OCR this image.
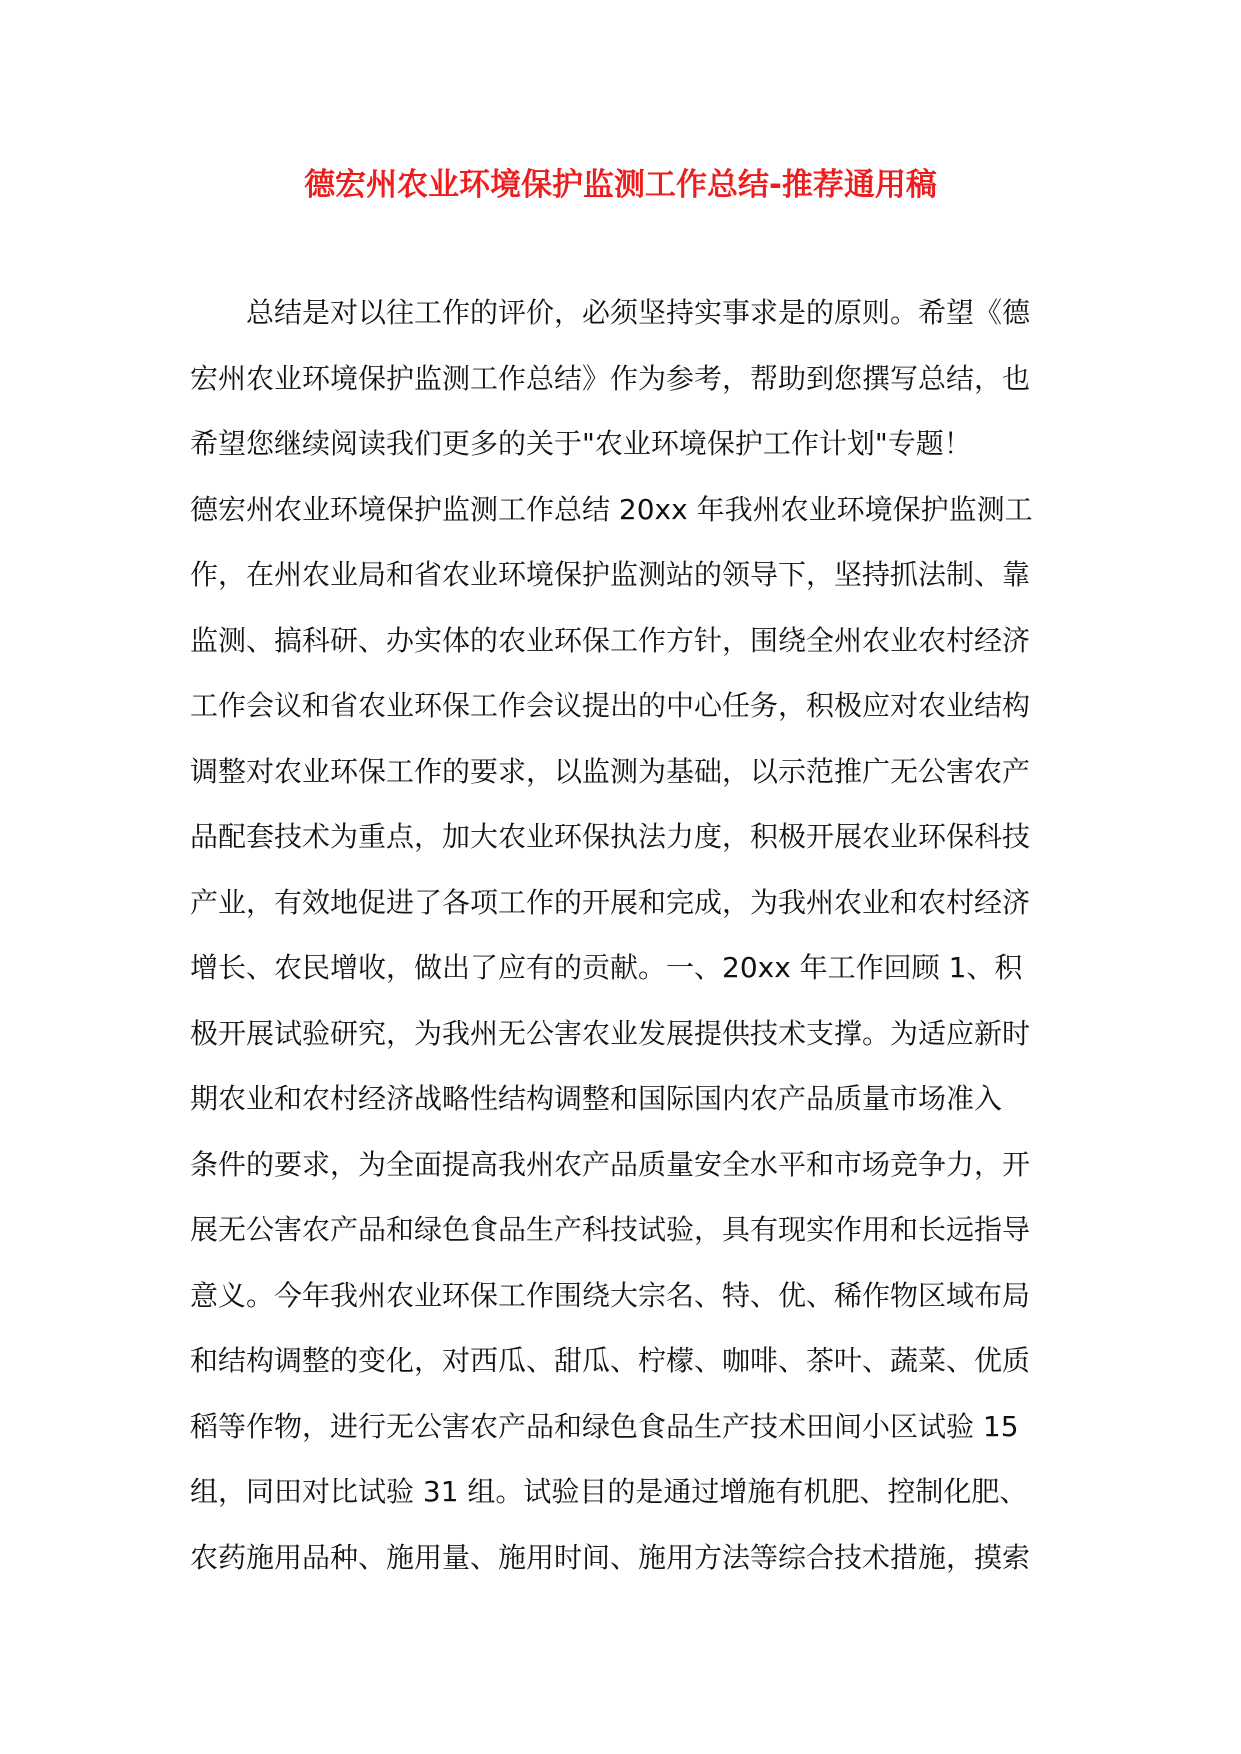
德宏州农业环境保护监测工作总结-推荐通用稿
总结是对以往工作的评价，必须坚持实事求是的原则。希望《德
宏州农业环境保护监测工作总结》作为参考，帮助到您撰写总结，也
希望您继续阅读我们更多的关于"农业环境保护工作计划"专题！
德宏州农业环境保护监测工作总结 20xx 年我州农业环境保护监测工
作，在州农业局和省农业环境保护监测站的领导下，坚持抓法制、靠
监测、搞科研、办实体的农业环保工作方针，围绕全州农业农村经济
工作会议和省农业环保工作会议提出的中心任务，积极应对农业结构
调整对农业环保工作的要求，以监测为基础，以示范推广无公害农产
品配套技术为重点，加大农业环保执法力度，积极开展农业环保科技
产业，有效地促进了各项工作的开展和完成，为我州农业和农村经济
增长、农民增收，做出了应有的贡献。一、20xx 年工作回顾 1、积
极开展试验研究，为我州无公害农业发展提供技术支撑。为适应新时
期农业和农村经济战略性结构调整和国际国内农产品质量市场准入
条件的要求，为全面提高我州农产品质量安全水平和市场竞争力，开
展无公害农产品和绿色食品生产科技试验，具有现实作用和长远指导
意义。今年我州农业环保工作围绕大宗名、特、优、稀作物区域布局
和结构调整的变化，对西瓜、甜瓜、柠檬、咖啡、茶叶、蔬菜、优质
稻等作物，进行无公害农产品和绿色食品生产技术田间小区试验 15
组，同田对比试验 31 组。试验目的是通过增施有机肥、控制化肥、
农药施用品种、施用量、施用时间、施用方法等综合技术措施，摸索
